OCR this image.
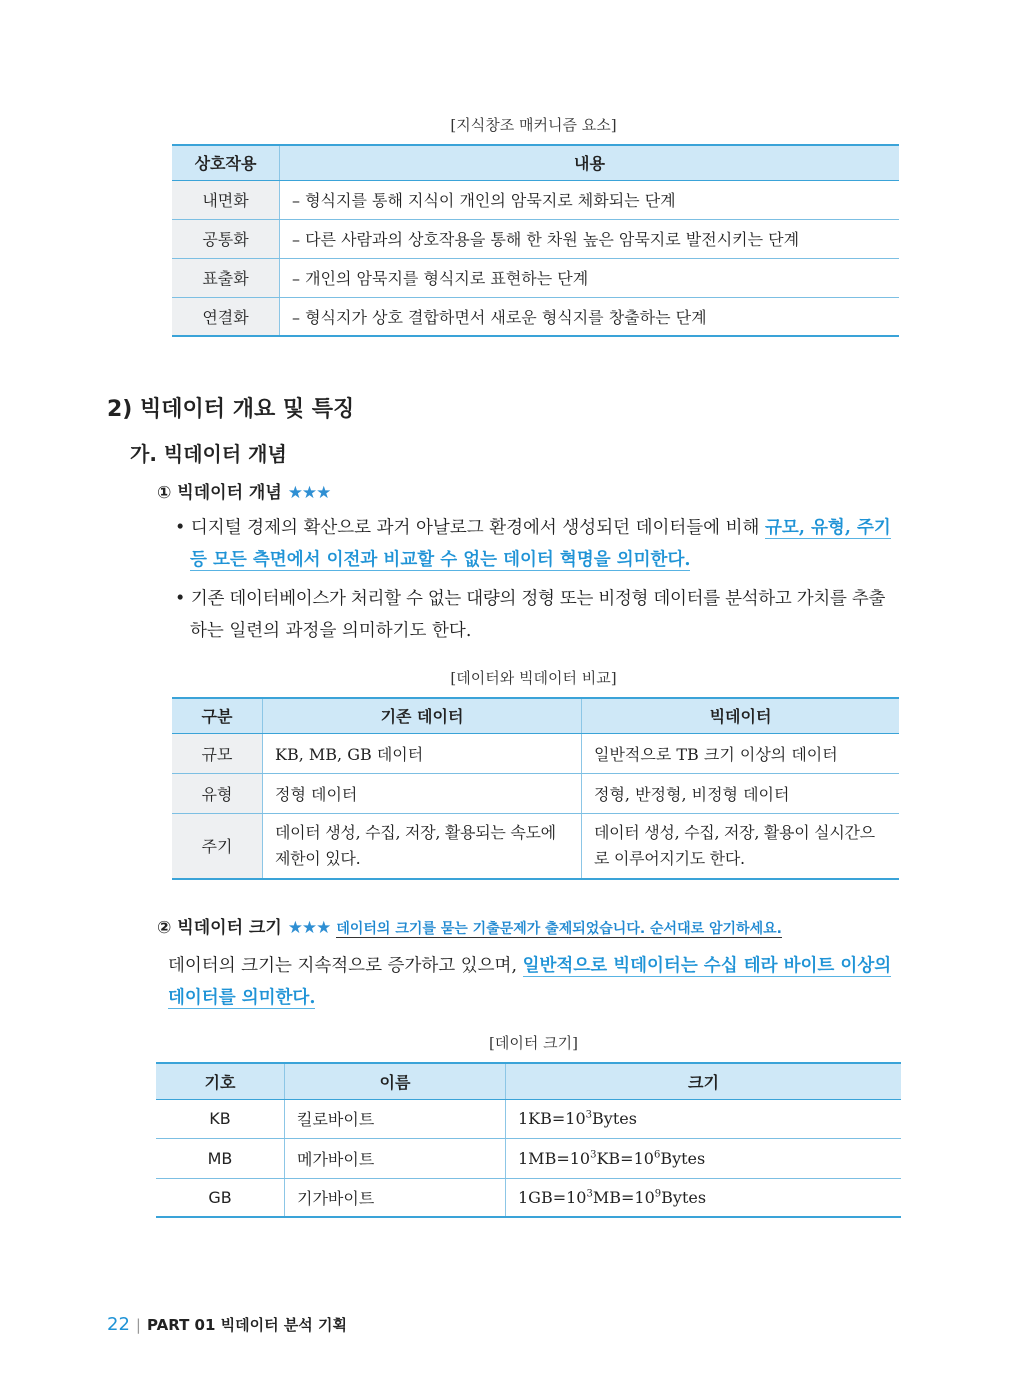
[지식창조 매커니즘 요소]
상호작용	내용
내면화	– 형식지를 통해 지식이 개인의 암묵지로 체화되는 단계
공통화	– 다른 사람과의 상호작용을 통해 한 차원 높은 암묵지로 발전시키는 단계
표출화	– 개인의 암묵지를 형식지로 표현하는 단계
연결화	– 형식지가 상호 결합하면서 새로운 형식지를 창출하는 단계
2) 빅데이터 개요 및 특징
가. 빅데이터 개념
① 빅데이터 개념 ★★★
• 디지털 경제의 확산으로 과거 아날로그 환경에서 생성되던 데이터들에 비해 규모, 유형, 주기
등 모든 측면에서 이전과 비교할 수 없는 데이터 혁명을 의미한다.
• 기존 데이터베이스가 처리할 수 없는 대량의 정형 또는 비정형 데이터를 분석하고 가치를 추출
하는 일련의 과정을 의미하기도 한다.
[데이터와 빅데이터 비교]
구분	기존 데이터	빅데이터
규모	KB, MB, GB 데이터	일반적으로 TB 크기 이상의 데이터
유형	정형 데이터	정형, 반정형, 비정형 데이터
주기	데이터 생성, 수집, 저장, 활용되는 속도에 제한이 있다.	데이터 생성, 수집, 저장, 활용이 실시간으로 이루어지기도 한다.
② 빅데이터 크기 ★★★ 데이터의 크기를 묻는 기출문제가 출제되었습니다. 순서대로 암기하세요.
데이터의 크기는 지속적으로 증가하고 있으며, 일반적으로 빅데이터는 수십 테라 바이트 이상의
데이터를 의미한다.
[데이터 크기]
기호	이름	크기
KB	킬로바이트	$1KB=10^3Bytes$
MB	메가바이트	$1MB=10^3KB=10^6Bytes$
GB	기가바이트	$1GB=10^3MB=10^9Bytes$
22 | PART 01 빅데이터 분석 기획
